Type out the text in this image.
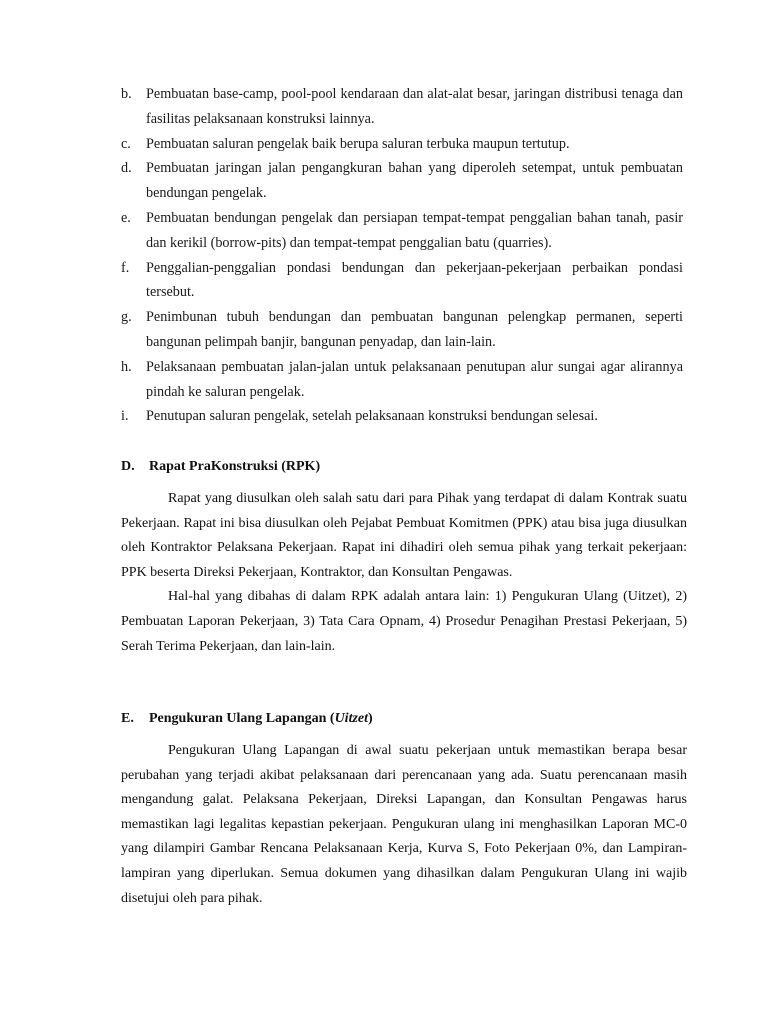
b.	Pembuatan base-camp, pool-pool kendaraan dan alat-alat besar, jaringan distribusi tenaga dan fasilitas pelaksanaan konstruksi lainnya.
c.	Pembuatan saluran pengelak baik berupa saluran terbuka maupun tertutup.
d.	Pembuatan jaringan jalan pengangkuran bahan yang diperoleh setempat, untuk pembuatan bendungan pengelak.
e.	Pembuatan bendungan pengelak dan persiapan tempat-tempat penggalian bahan tanah, pasir dan kerikil (borrow-pits) dan tempat-tempat penggalian batu (quarries).
f.	Penggalian-penggalian pondasi bendungan dan pekerjaan-pekerjaan perbaikan pondasi tersebut.
g.	Penimbunan tubuh bendungan dan pembuatan bangunan pelengkap permanen, seperti bangunan pelimpah banjir, bangunan penyadap, dan lain-lain.
h.	Pelaksanaan pembuatan jalan-jalan untuk pelaksanaan penutupan alur sungai agar alirannya pindah ke saluran pengelak.
i.	Penutupan saluran pengelak, setelah pelaksanaan konstruksi bendungan selesai.
D. Rapat PraKonstruksi (RPK)

Rapat yang diusulkan oleh salah satu dari para Pihak yang terdapat di dalam Kontrak suatu Pekerjaan. Rapat ini bisa diusulkan oleh Pejabat Pembuat Komitmen (PPK) atau bisa juga diusulkan oleh Kontraktor Pelaksana Pekerjaan. Rapat ini dihadiri oleh semua pihak yang terkait pekerjaan: PPK beserta Direksi Pekerjaan, Kontraktor, dan Konsultan Pengawas.

Hal-hal yang dibahas di dalam RPK adalah antara lain: 1) Pengukuran Ulang (Uitzet), 2) Pembuatan Laporan Pekerjaan, 3) Tata Cara Opnam, 4) Prosedur Penagihan Prestasi Pekerjaan, 5) Serah Terima Pekerjaan, dan lain-lain.

E. Pengukuran Ulang Lapangan (Uitzet)

Pengukuran Ulang Lapangan di awal suatu pekerjaan untuk memastikan berapa besar perubahan yang terjadi akibat pelaksanaan dari perencanaan yang ada. Suatu perencanaan masih mengandung galat. Pelaksana Pekerjaan, Direksi Lapangan, dan Konsultan Pengawas harus memastikan lagi legalitas kepastian pekerjaan. Pengukuran ulang ini menghasilkan Laporan MC-0 yang dilampiri Gambar Rencana Pelaksanaan Kerja, Kurva S, Foto Pekerjaan 0%, dan Lampiran-lampiran yang diperlukan. Semua dokumen yang dihasilkan dalam Pengukuran Ulang ini wajib disetujui oleh para pihak.
